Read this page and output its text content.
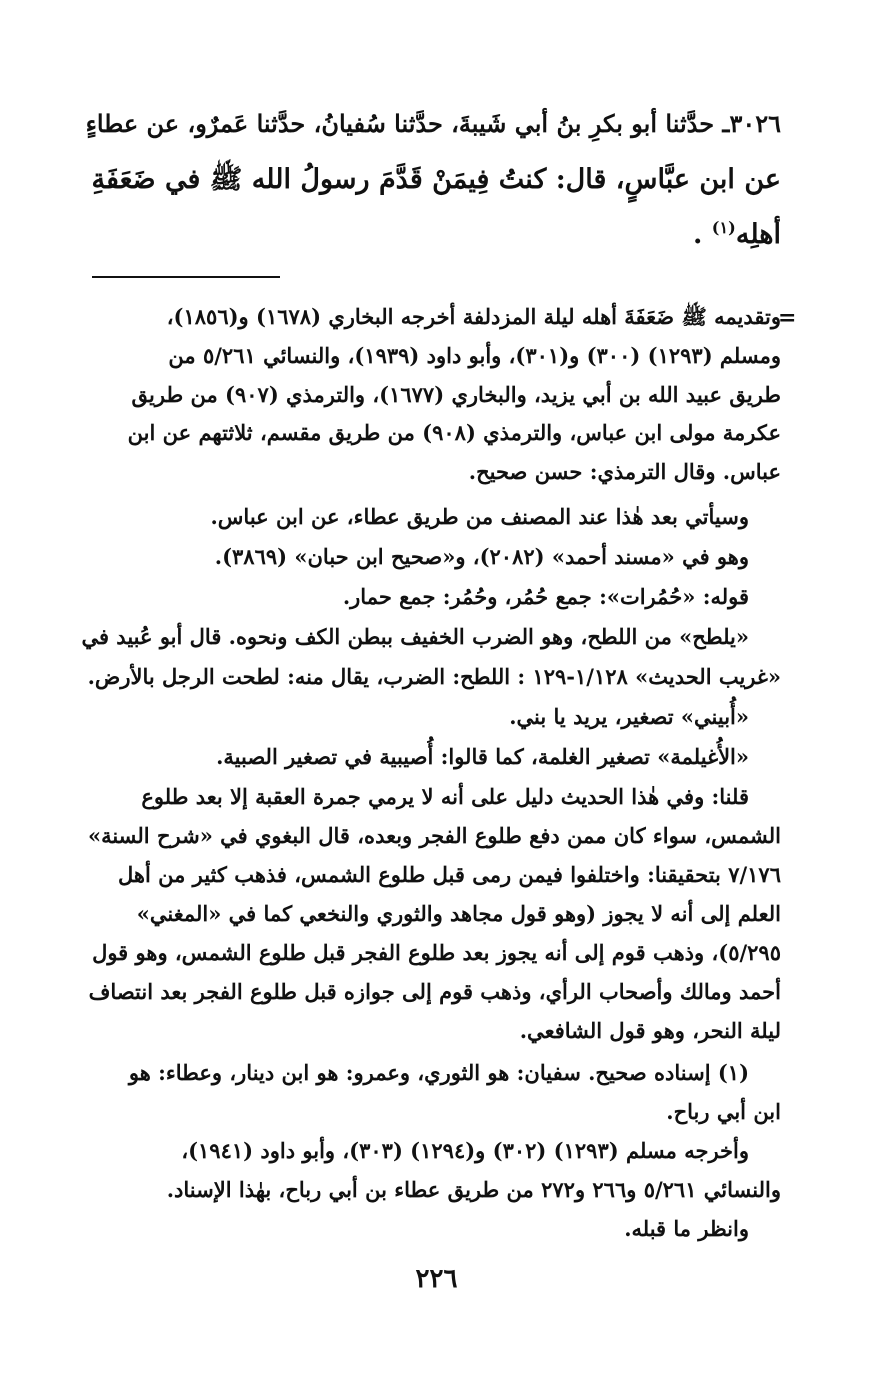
٣٠٢٦ـ حدَّثنا أبو بكرِ بنُ أبي شَيبةَ، حدَّثنا سُفيانُ، حدَّثنا عَمرٌو، عن عطاءٍ
عن ابن عبَّاسٍ، قال: كنتُ فِيمَنْ قَدَّمَ رسولُ الله ﷺ في ضَعَفَةِ
أهلِه$^{(١)}$ .
=
وتقديمه ﷺ ضَعَفَةَ أهله ليلة المزدلفة أخرجه البخاري (١٦٧٨) و(١٨٥٦)،
ومسلم (١٢٩٣) (٣٠٠) و(٣٠١)، وأبو داود (١٩٣٩)، والنسائي ٥/٢٦١ من
طريق عبيد الله بن أبي يزيد، والبخاري (١٦٧٧)، والترمذي (٩٠٧) من طريق
عكرمة مولى ابن عباس، والترمذي (٩٠٨) من طريق مقسم، ثلاثتهم عن ابن
عباس. وقال الترمذي: حسن صحيح.
وسيأتي بعد هٰذا عند المصنف من طريق عطاء، عن ابن عباس.
وهو في «مسند أحمد» (٢٠٨٢)، و«صحيح ابن حبان» (٣٨٦٩).
قوله: «حُمُرات»: جمع حُمُر، وحُمُر: جمع حمار.
«يلطح» من اللطح، وهو الضرب الخفيف ببطن الكف ونحوه. قال أبو عُبيد في
«غريب الحديث» ١/١٢٨-١٢٩ : اللطح: الضرب، يقال منه: لطحت الرجل بالأرض.
«أُبيني» تصغير، يريد يا بني.
«الأُغيلمة» تصغير الغلمة، كما قالوا: أُصيبية في تصغير الصبية.
قلنا: وفي هٰذا الحديث دليل على أنه لا يرمي جمرة العقبة إلا بعد طلوع
الشمس، سواء كان ممن دفع طلوع الفجر وبعده، قال البغوي في «شرح السنة»
٧/١٧٦ بتحقيقنا: واختلفوا فيمن رمى قبل طلوع الشمس، فذهب كثير من أهل
العلم إلى أنه لا يجوز (وهو قول مجاهد والثوري والنخعي كما في «المغني»
٥/٢٩٥)، وذهب قوم إلى أنه يجوز بعد طلوع الفجر قبل طلوع الشمس، وهو قول
أحمد ومالك وأصحاب الرأي، وذهب قوم إلى جوازه قبل طلوع الفجر بعد انتصاف
ليلة النحر، وهو قول الشافعي.
(١) إسناده صحيح. سفيان: هو الثوري، وعمرو: هو ابن دينار، وعطاء: هو
ابن أبي رباح.
وأخرجه مسلم (١٢٩٣) (٣٠٢) و(١٢٩٤) (٣٠٣)، وأبو داود (١٩٤١)،
والنسائي ٥/٢٦١ و٢٦٦ و٢٧٢ من طريق عطاء بن أبي رباح، بهٰذا الإسناد.
وانظر ما قبله.
٢٢٦
